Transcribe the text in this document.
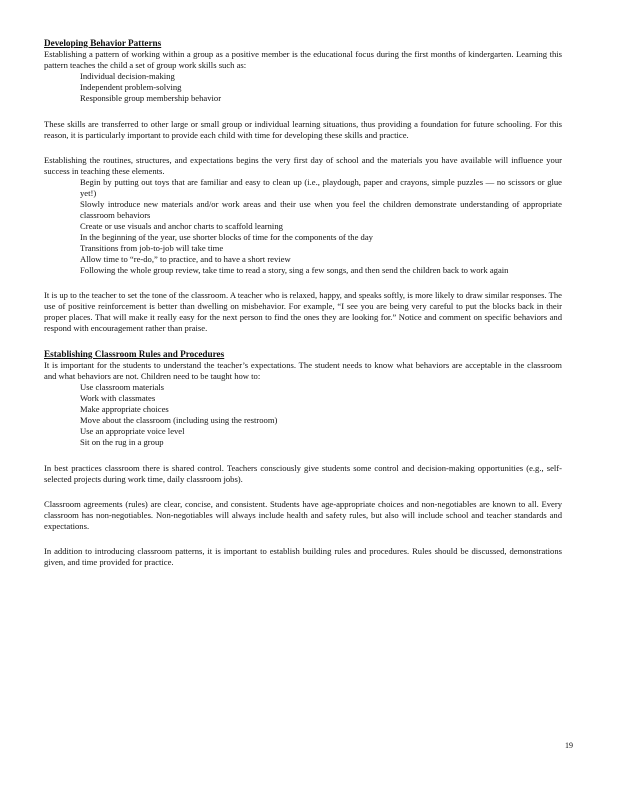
Developing Behavior Patterns

Establishing a pattern of working within a group as a positive member is the educational focus during the first months of kindergarten. Learning this pattern teaches the child a set of group work skills such as:

Individual decision-making
Independent problem-solving
Responsible group membership behavior

These skills are transferred to other large or small group or individual learning situations, thus providing a foundation for future schooling. For this reason, it is particularly important to provide each child with time for developing these skills and practice.

Establishing the routines, structures, and expectations begins the very first day of school and the materials you have available will influence your success in teaching these elements.

Begin by putting out toys that are familiar and easy to clean up (i.e., playdough, paper and crayons, simple puzzles — no scissors or glue yet!)
Slowly introduce new materials and/or work areas and their use when you feel the children demonstrate understanding of appropriate classroom behaviors
Create or use visuals and anchor charts to scaffold learning
In the beginning of the year, use shorter blocks of time for the components of the day
Transitions from job-to-job will take time
Allow time to “re-do,” to practice, and to have a short review
Following the whole group review, take time to read a story, sing a few songs, and then send the children back to work again

It is up to the teacher to set the tone of the classroom. A teacher who is relaxed, happy, and speaks softly, is more likely to draw similar responses. The use of positive reinforcement is better than dwelling on misbehavior. For example, “I see you are being very careful to put the blocks back in their proper places. That will make it really easy for the next person to find the ones they are looking for.” Notice and comment on specific behaviors and respond with encouragement rather than praise.

Establishing Classroom Rules and Procedures

It is important for the students to understand the teacher’s expectations. The student needs to know what behaviors are acceptable in the classroom and what behaviors are not. Children need to be taught how to:

Use classroom materials
Work with classmates
Make appropriate choices
Move about the classroom (including using the restroom)
Use an appropriate voice level
Sit on the rug in a group

In best practices classroom there is shared control. Teachers consciously give students some control and decision-making opportunities (e.g., self-selected projects during work time, daily classroom jobs).

Classroom agreements (rules) are clear, concise, and consistent. Students have age-appropriate choices and non-negotiables are known to all. Every classroom has non-negotiables. Non-negotiables will always include health and safety rules, but also will include school and teacher standards and expectations.

In addition to introducing classroom patterns, it is important to establish building rules and procedures. Rules should be discussed, demonstrations given, and time provided for practice.

19
